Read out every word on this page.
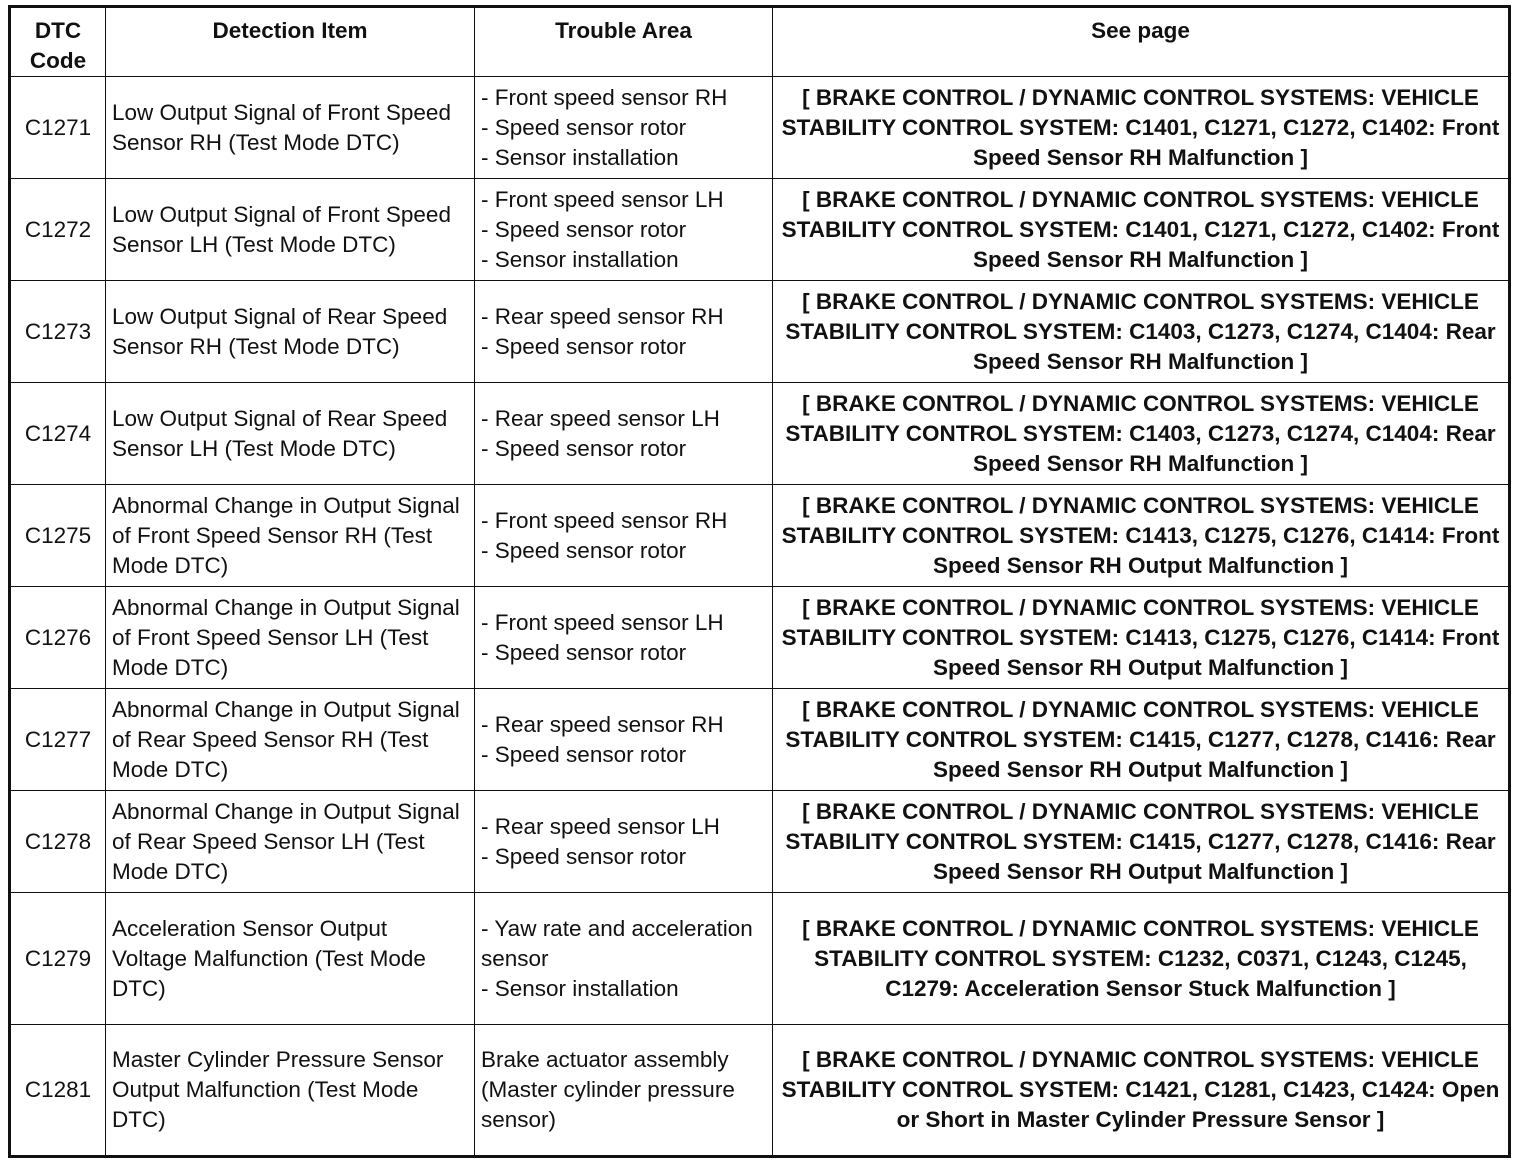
DTC Code	Detection Item	Trouble Area	See page
C1271	Low Output Signal of Front Speed Sensor RH (Test Mode DTC)	- Front speed sensor RH
- Speed sensor rotor
- Sensor installation	[ BRAKE CONTROL / DYNAMIC CONTROL SYSTEMS: VEHICLE STABILITY CONTROL SYSTEM: C1401, C1271, C1272, C1402: Front Speed Sensor RH Malfunction ]
C1272	Low Output Signal of Front Speed Sensor LH (Test Mode DTC)	- Front speed sensor LH
- Speed sensor rotor
- Sensor installation	[ BRAKE CONTROL / DYNAMIC CONTROL SYSTEMS: VEHICLE STABILITY CONTROL SYSTEM: C1401, C1271, C1272, C1402: Front Speed Sensor RH Malfunction ]
C1273	Low Output Signal of Rear Speed Sensor RH (Test Mode DTC)	- Rear speed sensor RH
- Speed sensor rotor	[ BRAKE CONTROL / DYNAMIC CONTROL SYSTEMS: VEHICLE STABILITY CONTROL SYSTEM: C1403, C1273, C1274, C1404: Rear Speed Sensor RH Malfunction ]
C1274	Low Output Signal of Rear Speed Sensor LH (Test Mode DTC)	- Rear speed sensor LH
- Speed sensor rotor	[ BRAKE CONTROL / DYNAMIC CONTROL SYSTEMS: VEHICLE STABILITY CONTROL SYSTEM: C1403, C1273, C1274, C1404: Rear Speed Sensor RH Malfunction ]
C1275	Abnormal Change in Output Signal of Front Speed Sensor RH (Test Mode DTC)	- Front speed sensor RH
- Speed sensor rotor	[ BRAKE CONTROL / DYNAMIC CONTROL SYSTEMS: VEHICLE STABILITY CONTROL SYSTEM: C1413, C1275, C1276, C1414: Front Speed Sensor RH Output Malfunction ]
C1276	Abnormal Change in Output Signal of Front Speed Sensor LH (Test Mode DTC)	- Front speed sensor LH
- Speed sensor rotor	[ BRAKE CONTROL / DYNAMIC CONTROL SYSTEMS: VEHICLE STABILITY CONTROL SYSTEM: C1413, C1275, C1276, C1414: Front Speed Sensor RH Output Malfunction ]
C1277	Abnormal Change in Output Signal of Rear Speed Sensor RH (Test Mode DTC)	- Rear speed sensor RH
- Speed sensor rotor	[ BRAKE CONTROL / DYNAMIC CONTROL SYSTEMS: VEHICLE STABILITY CONTROL SYSTEM: C1415, C1277, C1278, C1416: Rear Speed Sensor RH Output Malfunction ]
C1278	Abnormal Change in Output Signal of Rear Speed Sensor LH (Test Mode DTC)	- Rear speed sensor LH
- Speed sensor rotor	[ BRAKE CONTROL / DYNAMIC CONTROL SYSTEMS: VEHICLE STABILITY CONTROL SYSTEM: C1415, C1277, C1278, C1416: Rear Speed Sensor RH Output Malfunction ]
C1279	Acceleration Sensor Output Voltage Malfunction (Test Mode DTC)	- Yaw rate and acceleration sensor
- Sensor installation	[ BRAKE CONTROL / DYNAMIC CONTROL SYSTEMS: VEHICLE STABILITY CONTROL SYSTEM: C1232, C0371, C1243, C1245, C1279: Acceleration Sensor Stuck Malfunction ]
C1281	Master Cylinder Pressure Sensor Output Malfunction (Test Mode DTC)	Brake actuator assembly (Master cylinder pressure sensor)	[ BRAKE CONTROL / DYNAMIC CONTROL SYSTEMS: VEHICLE STABILITY CONTROL SYSTEM: C1421, C1281, C1423, C1424: Open or Short in Master Cylinder Pressure Sensor ]
